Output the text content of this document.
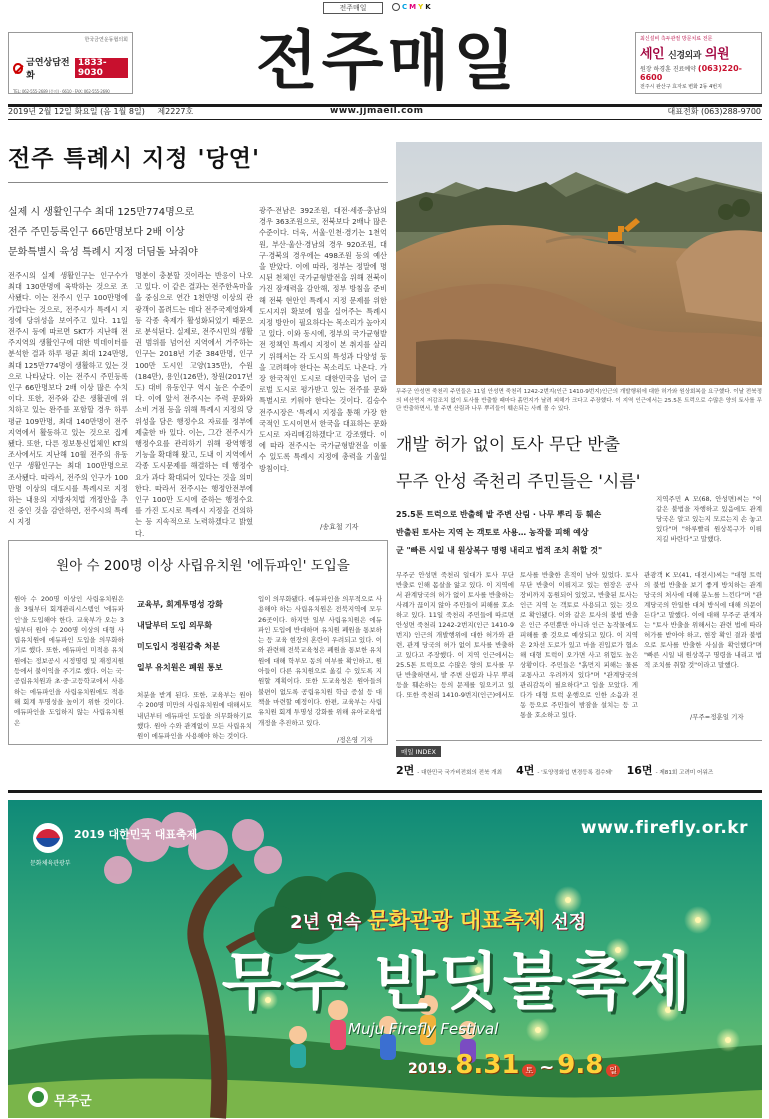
전주매일	C M Y K
한국금연운동협의회
금연상담전화
1833-9030
TEL: 062-555-2689 (문의) · 6610 · FAX: 062-555-2690 전주매일	최신설비 측두관절 방문치료 전문
세인 신경외과 의원
원장 하경훈 진료예약 (063)220-6600
전주시 완산구 효자로 변화 2동 4번지
2019년 2월 12일 화요일 (음 1월 8일) 제2227호	www.jjmaeil.com	대표전화 (063)288-9700
전주 특례시 지정 '당연'
실제 시 생활인구수 최대 125만774명으로
전주 주민등록인구 66만명보다 2배 이상
문화특별시 육성 특례시 지정 더딤돌 놔줘야
전주시의 실제 생활인구는 인구수가 최대 130만명에 육박하는 것으로 조사됐다. 이는 전주시 인구 100만명에 가깝다는 것으로, 전주시가 특례시 지정에 당위성을 보여주고 있다. 11일 전주시 등에 따르면 SKT가 지난해 전주지역의 생활인구에 대한 빅데이터를 분석한 결과 하루 평균 최대 124만명, 최대 125만774명이 생활하고 있는 것으로 나타났다. 이는 전주시 주민등록인구 66만명보다 2배 이상 많은 수치이다. 또한, 전주와 같은 생활권에 위치하고 있는 완주를 포함할 경우 하루 평균 109만명, 최대 140만명이 전주지역에서 활동하고 있는 것으로 집계됐다. 또한, 다른 정보통신업체인 KT의 조사에서도 지난해 10월 전주의 유동인구 생활인구는 최대 100만명으로 조사됐다. 따라서, 전주의 인구가 100만명 이상의 대도시를 특례시로 지정하는 내용의 지방자치법 개정안을 추진 중인 것을 감안하면, 전주시의 특례시 지정
명분이 충분할 것이라는 반응이 나오고 있다. 이 같은 결과는 전주한옥마을을 중심으로 연간 1천만명 이상의 관광객이 몰려드는 데다 전주국제영화제 등 각종 축제가 활성화되었기 때문으로 분석된다. 실제로, 전주시민의 생활권 범위를 넘어선 지역에서 거주하는 인구는 2018년 기준 384만명, 인구 100만 도시인 고양(135만), 수원(184만), 용인(126만), 창원(2017년도) 대비 유동인구 역시 높은 수준이다. 이에 앞서 전주시는 주력 문화와 소비 거점 등을 위해 특례시 지정의 당위성을 담은 행정수요 자료를 정부에 제출한 바 있다. 이는, 그간 전주시가 행정수요를 관리하기 위해 광역행정 기능을 확대해 왔고, 도내 이 지역에서 각종 도시문제를 해결하는 데 행정수요가 과다 확대되어 있다는 것을 의미한다. 따라서 전주시는 행정안전부에 인구 100만 도시에 준하는 행정수요를 가진 도시로 특례시 지정을 건의하는 등 지속적으로 노력하겠다고 밝혔다.
광주·전남은 392조원, 대전·세종·충남의 경우 363조원으로, 전북보다 2배나 많은 수준이다. 더욱, 서울·인천·경기는 1천억원, 부산·울산·경남의 경우 920조원, 대구·경북의 경우에는 498조원 등의 예산을 받았다. 이에 따라, 정부는 정말에 명시된 천체인 국가균형발전을 위해 전북이 가진 잠재력을 감안해, 정부 방침을 준비해 전북 현안인 특례시 지정 문제를 위한 도시지위 확보에 힘을 실어주는 특례시 지정 방안이 필요하다는 목소리가 높아지고 있다. 이와 동시에, 정부의 국가균형발전 정책인 특례시 지정이 본 취지를 살리기 위해서는 각 도시의 특성과 다양성 등을 고려해야 한다는 목소리도 나온다. 가장 한국적인 도시로 대한민국을 넘어 글로벌 도시로 평가받고 있는 전주를 문화특별시로 키워야 한다는 것이다. 김승수 전주시장은 '특례시 지정을 통해 가장 한국적인 도시이면서 한국을 대표하는 문화도시로 자리매김하겠다'고 강조했다. 이에 따라 전주시는 국가균형발전을 이룰 수 있도록 특례시 지정에 총력을 기울일 방침이다.
/송효철 기자
무주군 안성면 죽천리 주민들은 11일 안성면 죽천리 1242-2번지(인근 1410-9번지)인근의 개발행위에 대한 허가와 원상회복을 요구했다. 이날 전북정의 비산먼지 저감조치 없이 토사를 반출할 때마다 흙먼지가 날려 피해가 크다고 주장했다. 이 지역 인근에서는 25.5톤 트럭으로 수많은 양의 토사를 무단 반출하면서, 밭 주변 산림과 나무 뿌리들이 훼손되는 사례 볼 수 있다.
개발 허가 없이 토사 무단 반출
무주 안성 죽천리 주민들은 '시름'
25.5톤 트럭으로 반출해 밭 주변 산림 · 나무 뿌리 등 훼손
반출된 토사는 지역 논 객토로 사용… 농작물 피해 예상
군 "빠른 시일 내 원상복구 명령 내리고 법적 조치 취할 것"
지역주민 A 모(68, 안성면)씨는 "이 같은 불법을 자행하고 있음에도 관계 당국은 알고 있는지 모르는지 손 놓고 있다"며 "하루빨리 원상복구가 이뤄지길 바란다"고 말했다.
무주군 안성면 죽천리 일대가 토사 무단 반출로 인해 몸살을 앓고 있다. 이 지역에서 관계당국의 허가 없이 토사를 반출하는 사례가 끊이지 않아 주민들이 피해를 호소하고 있다. 11일 죽천리 주민들에 따르면 안성면 죽천리 1242-2번지(인근 1410-9번지) 인근의 개발행위에 대한 허가와 관련, 관계 당국의 허가 없이 토사를 반출하고 있다고 주장했다. 이 지역 인근에서는 25.5톤 트럭으로 수많은 양의 토사를 무단 반출하면서, 밭 주변 산림과 나무 뿌리 등을 훼손하는 등의 문제를 일으키고 있다. 또한 죽천리 1410-9번지(인근)에서도
토사를 반출한 흔적이 남아 있었다. 토사 무단 반출이 이뤄지고 있는 현장은 공사 장비까지 동원되어 있었고, 반출된 토사는 인근 지역 논 객토로 사용되고 있는 것으로 확인됐다. 이와 같은 토사의 불법 반출은 인근 주민뿐만 아니라 인근 농작물에도 피해를 줄 것으로 예상되고 있다. 이 지역은 2차선 도로가 있고 마을 진입로가 협소해 대형 트럭이 오가면 사고 위험도 높은 상황이다. 주민들은 "흙먼지 피해는 물론 교통사고 우려까지 있다"며 "관계당국의 관리감독이 필요하다"고 입을 모았다. 게다가 대형 트럭 운행으로 인한 소음과 진동 등으로 주민들이 밤잠을 설치는 등 고통을 호소하고 있다.
관광객 K 모(41, 대전시)씨는 "대형 트럭의 불법 반출을 보기 좋게 방치하는 관계 당국의 처사에 대해 분노를 느낀다"며 "관계당국의 안일한 대처 방식에 대해 의문이 든다"고 말했다. 이에 대해 무주군 관계자는 "토사 반출을 위해서는 관련 법에 따라 허가를 받아야 하고, 현장 확인 결과 불법으로 토사를 반출한 사실을 확인했다"며 "빠른 시일 내 원상복구 명령을 내리고 법적 조치를 취할 것"이라고 말했다.
/무주=정훈일 기자
원아 수 200명 이상 사립유치원 '에듀파인' 도입을
원아 수 200명 이상인 사립유치원은 올 3월부터 회계관리시스템인 '에듀파인'을 도입해야 한다. 교육부가 오는 3월부터 원아 수 200명 이상의 대형 사립유치원에 에듀파인 도입을 의무화하기로 했다. 또한, 에듀파인 미적용 유치원에는 정보공시 시정명령 및 재정지원 등에서 불이익을 주기로 했다. 이는 국·공립유치원과 초·중·고등학교에서 사용하는 에듀파인을 사립유치원에도 적용해 회계 투명성을 높이기 위한 것이다. 에듀파인을 도입하지 않는 사립유치원은
교육부, 회계투명성 강화
내달부터 도입 의무화
미도입시 정원감축 처분
일부 유치원은 폐원 통보
처분을 받게 된다. 또한, 교육부는 원아 수 200명 미만의 사립유치원에 대해서도 내년부터 에듀파인 도입을 의무화하기로 했다. 원아 수와 관계없이 모든 사립유치원이 에듀파인을 사용해야 하는 것이다.
입이 의무화됐다. 에듀파인을 의무적으로 사용해야 하는 사립유치원은 전북지역에 모두 26곳이다. 하지만 일부 사립유치원은 에듀파인 도입에 반대하며 유치원 폐원을 통보하는 등 교육 현장의 혼란이 우려되고 있다. 이와 관련해 전북교육청은 폐원을 통보한 유치원에 대해 학부모 동의 여부를 확인하고, 원아들이 다른 유치원으로 옮길 수 있도록 지원할 계획이다. 또한 도교육청은 원아들의 불편이 없도록 공립유치원 학급 증설 등 대책을 마련할 예정이다. 한편, 교육부는 사립유치원 회계 투명성 강화를 위해 유아교육법 개정을 추진하고 있다.
/정은영 기자
매일 INDEX
2면 - 대한민국 국가비전회의 전북 개최 4면 - '토양정화업 변경등록 접수돼' 16면 - 제81회 고려미 어워즈
2019 대한민국 대표축제
문화체육관광부
www.firefly.or.kr
2년 연속 문화관광 대표축제 선정
무주 반딧불축제
Muju Firefly Festival
2019. 8.31 토 ~ 9.8 일
무주군
